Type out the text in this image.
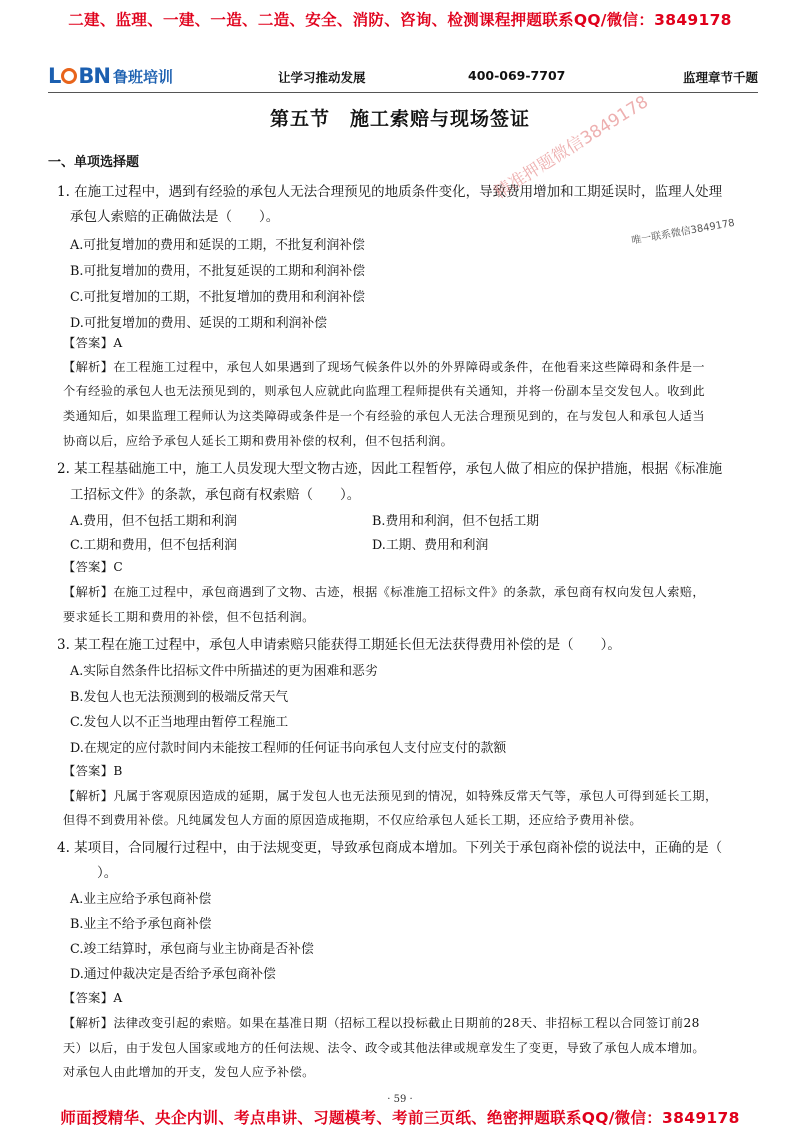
二建、监理、一建、一造、二造、安全、消防、咨询、检测课程押题联系QQ/微信：3849178
L BN 鲁班培训	让学习推动发展	400-069-7707	监理章节千题
第五节　施工索赔与现场签证
一、单项选择题
1. 在施工过程中，遇到有经验的承包人无法合理预见的地质条件变化，导致费用增加和工期延误时，监理人处理
承包人索赔的正确做法是（　　）。
A.可批复增加的费用和延误的工期，不批复利润补偿
B.可批复增加的费用，不批复延误的工期和利润补偿
C.可批复增加的工期，不批复增加的费用和利润补偿
D.可批复增加的费用、延误的工期和利润补偿
【答案】A
【解析】在工程施工过程中，承包人如果遇到了现场气候条件以外的外界障碍或条件，在他看来这些障碍和条件是一
个有经验的承包人也无法预见到的，则承包人应就此向监理工程师提供有关通知，并将一份副本呈交发包人。收到此
类通知后，如果监理工程师认为这类障碍或条件是一个有经验的承包人无法合理预见到的，在与发包人和承包人适当
协商以后，应给予承包人延长工期和费用补偿的权利，但不包括利润。
2. 某工程基础施工中，施工人员发现大型文物古迹，因此工程暂停，承包人做了相应的保护措施，根据《标准施
工招标文件》的条款，承包商有权索赔（　　）。
A.费用，但不包括工期和利润	B.费用和利润，但不包括工期
C.工期和费用，但不包括利润	D.工期、费用和利润
【答案】C
【解析】在施工过程中，承包商遇到了文物、古迹，根据《标准施工招标文件》的条款，承包商有权向发包人索赔，
要求延长工期和费用的补偿，但不包括利润。
3. 某工程在施工过程中，承包人申请索赔只能获得工期延长但无法获得费用补偿的是（　　）。
A.实际自然条件比招标文件中所描述的更为困难和恶劣
B.发包人也无法预测到的极端反常天气
C.发包人以不正当地理由暂停工程施工
D.在规定的应付款时间内未能按工程师的任何证书向承包人支付应支付的款额
【答案】B
【解析】凡属于客观原因造成的延期，属于发包人也无法预见到的情况，如特殊反常天气等，承包人可得到延长工期，
但得不到费用补偿。凡纯属发包人方面的原因造成拖期，不仅应给承包人延长工期，还应给予费用补偿。
4. 某项目，合同履行过程中，由于法规变更，导致承包商成本增加。下列关于承包商补偿的说法中，正确的是（
　　）。
A.业主应给予承包商补偿
B.业主不给予承包商补偿
C.竣工结算时，承包商与业主协商是否补偿
D.通过仲裁决定是否给予承包商补偿
【答案】A
【解析】法律改变引起的索赔。如果在基准日期（招标工程以投标截止日期前的28天、非招标工程以合同签订前28
天）以后，由于发包人国家或地方的任何法规、法令、政令或其他法律或规章发生了变更，导致了承包人成本增加。
对承包人由此增加的开支，发包人应予补偿。
精准押题微信3849178
唯一联系微信3849178
· 59 ·
师面授精华、央企内训、考点串讲、习题模考、考前三页纸、绝密押题联系QQ/微信：3849178
